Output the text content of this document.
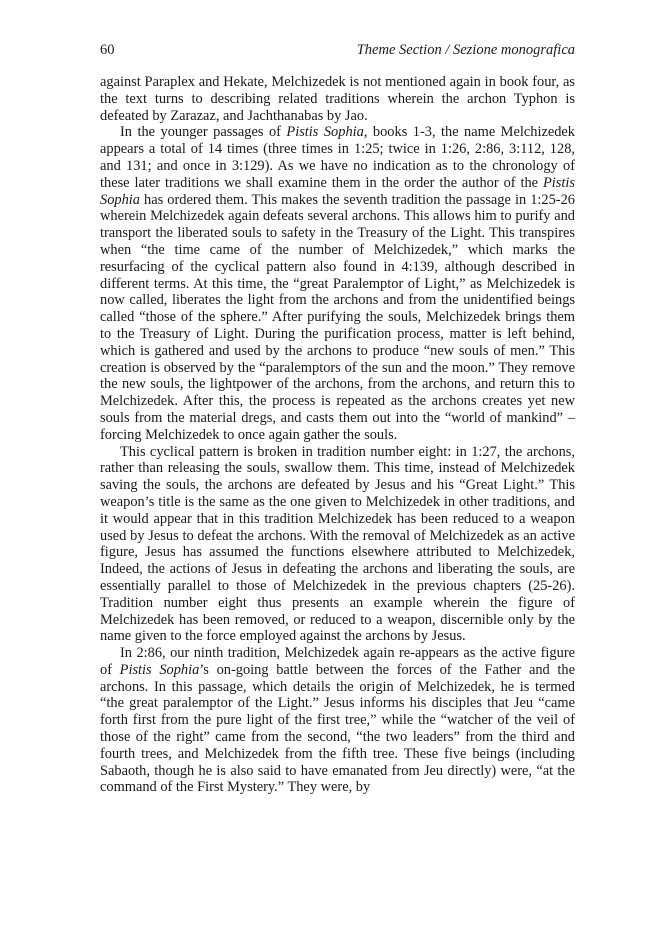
60	Theme Section / Sezione monografica

against Paraplex and Hekate, Melchizedek is not mentioned again in book four, as the text turns to describing related traditions wherein the archon Typhon is defeated by Zarazaz, and Jachthanabas by Jao.

In the younger passages of Pistis Sophia, books 1-3, the name Melchizedek appears a total of 14 times (three times in 1:25; twice in 1:26, 2:86, 3:112, 128, and 131; and once in 3:129). As we have no indication as to the chronology of these later traditions we shall examine them in the order the author of the Pistis Sophia has ordered them. This makes the seventh tradition the passage in 1:25-26 wherein Melchizedek again defeats several archons. This allows him to purify and transport the liberated souls to safety in the Treasury of the Light. This transpires when “the time came of the number of Melchizedek,” which marks the resurfacing of the cyclical pattern also found in 4:139, although described in different terms. At this time, the “great Paralemptor of Light,” as Melchizedek is now called, liberates the light from the archons and from the unidentified beings called “those of the sphere.” After purifying the souls, Melchizedek brings them to the Treasury of Light. During the purification process, matter is left behind, which is gathered and used by the archons to produce “new souls of men.” This creation is observed by the “paralemptors of the sun and the moon.” They remove the new souls, the lightpower of the archons, from the archons, and return this to Melchizedek. After this, the process is repeated as the archons creates yet new souls from the material dregs, and casts them out into the “world of mankind” – forcing Melchizedek to once again gather the souls.

This cyclical pattern is broken in tradition number eight: in 1:27, the archons, rather than releasing the souls, swallow them. This time, instead of Melchizedek saving the souls, the archons are defeated by Jesus and his “Great Light.” This weapon’s title is the same as the one given to Melchizedek in other traditions, and it would appear that in this tradition Melchizedek has been reduced to a weapon used by Jesus to defeat the archons. With the removal of Melchizedek as an active figure, Jesus has assumed the functions elsewhere attributed to Melchizedek, Indeed, the actions of Jesus in defeating the archons and liberating the souls, are essentially parallel to those of Melchizedek in the previous chapters (25-26). Tradition number eight thus presents an example wherein the figure of Melchizedek has been removed, or reduced to a weapon, discernible only by the name given to the force employed against the archons by Jesus.

In 2:86, our ninth tradition, Melchizedek again re-appears as the active figure of Pistis Sophia’s on-going battle between the forces of the Father and the archons. In this passage, which details the origin of Melchizedek, he is termed “the great paralemptor of the Light.” Jesus informs his disciples that Jeu “came forth first from the pure light of the first tree,” while the “watcher of the veil of those of the right” came from the second, “the two leaders” from the third and fourth trees, and Melchizedek from the fifth tree. These five beings (including Sabaoth, though he is also said to have emanated from Jeu directly) were, “at the command of the First Mystery.” They were, by
